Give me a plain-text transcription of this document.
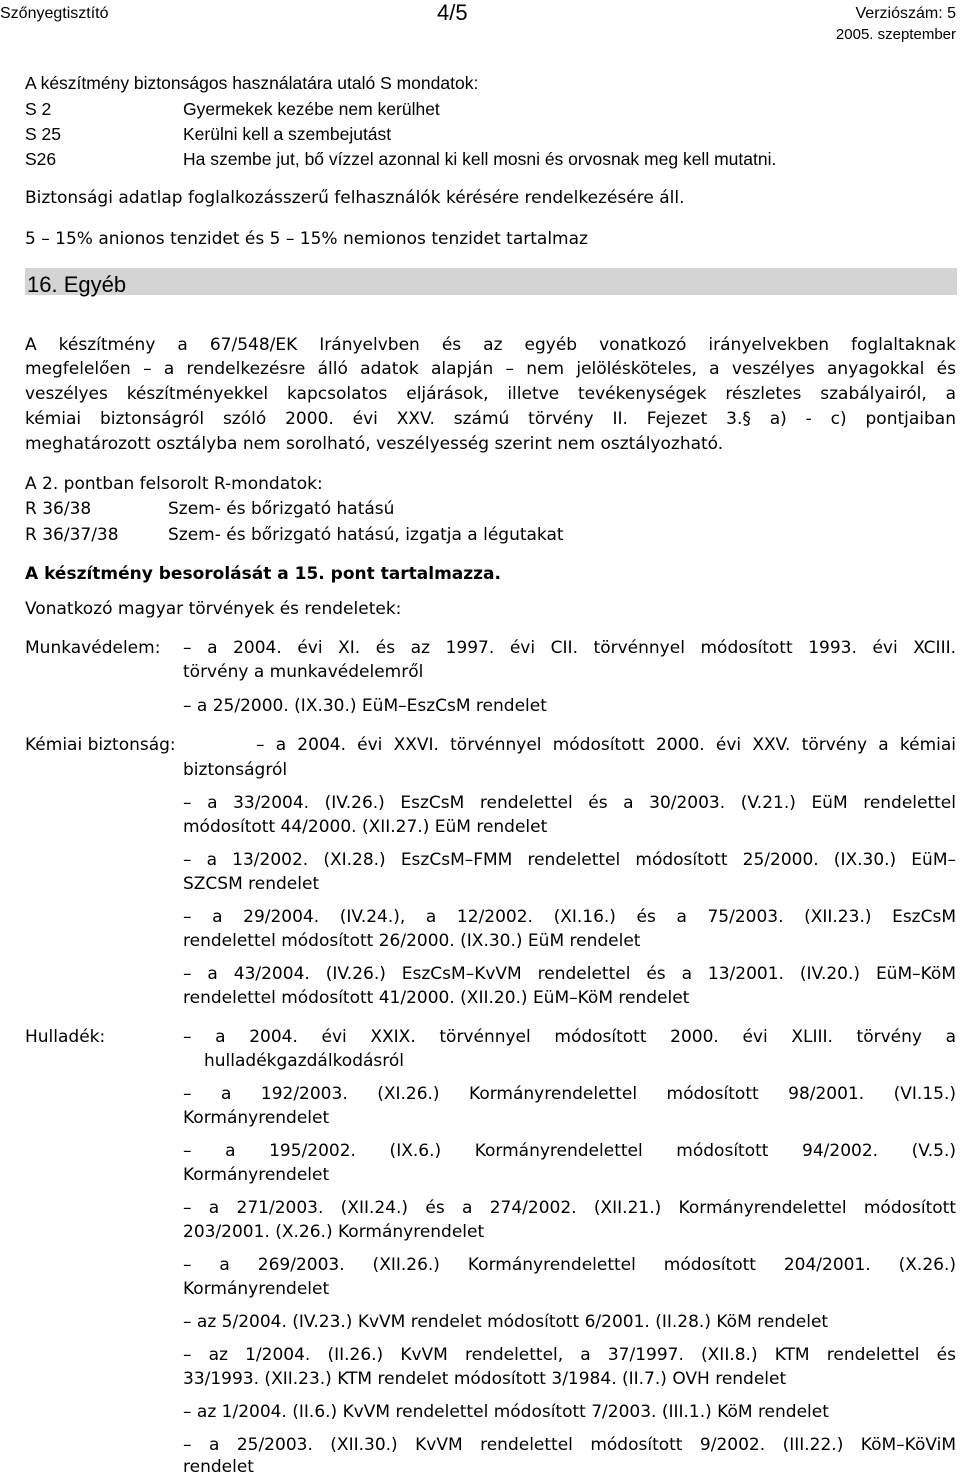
Szőnyegtisztító	4/5	Verziószám: 5
2005. szeptember
A készítmény biztonságos használatára utaló S mondatok:
S 2	Gyermekek kezébe nem kerülhet
S 25	Kerülni kell a szembejutást
S26	Ha szembe jut, bő vízzel azonnal ki kell mosni és orvosnak meg kell mutatni.
Biztonsági adatlap foglalkozásszerű felhasználók kérésére rendelkezésére áll.
5 – 15% anionos tenzidet és 5 – 15% nemionos tenzidet tartalmaz
16. Egyéb
A készítmény a 67/548/EK Irányelvben és az egyéb vonatkozó irányelvekben foglaltaknak
megfelelően – a rendelkezésre álló adatok alapján – nem jelölésköteles, a veszélyes anyagokkal és
veszélyes készítményekkel kapcsolatos eljárások, illetve tevékenységek részletes szabályairól, a
kémiai biztonságról szóló 2000. évi XXV. számú törvény II. Fejezet 3.§ a) - c) pontjaiban
meghatározott osztályba nem sorolható, veszélyesség szerint nem osztályozható.
A 2. pontban felsorolt R-mondatok:
R 36/38	Szem- és bőrizgató hatású
R 36/37/38	Szem- és bőrizgató hatású, izgatja a légutakat
A készítmény besorolását a 15. pont tartalmazza.
Vonatkozó magyar törvények és rendeletek:
Munkavédelem: – a 2004. évi XI. és az 1997. évi CII. törvénnyel módosított 1993. évi XCIII.
törvény a munkavédelemről
– a 25/2000. (IX.30.) EüM–EszCsM rendelet
Kémiai biztonság:	– a 2004. évi XXVI. törvénnyel módosított 2000. évi XXV. törvény a kémiai
biztonságról
– a 33/2004. (IV.26.) EszCsM rendelettel és a 30/2003. (V.21.) EüM rendelettel
módosított 44/2000. (XII.27.) EüM rendelet
– a 13/2002. (XI.28.) EszCsM–FMM rendelettel módosított 25/2000. (IX.30.) EüM–
SZCSM rendelet
– a 29/2004. (IV.24.), a 12/2002. (XI.16.) és a 75/2003. (XII.23.) EszCsM
rendelettel módosított 26/2000. (IX.30.) EüM rendelet
– a 43/2004. (IV.26.) EszCsM–KvVM rendelettel és a 13/2001. (IV.20.) EüM–KöM
rendelettel módosított 41/2000. (XII.20.) EüM–KöM rendelet
Hulladék:	– a 2004. évi XXIX. törvénnyel módosított 2000. évi XLIII. törvény a
hulladékgazdálkodásról
– a 192/2003. (XI.26.) Kormányrendelettel módosított 98/2001. (VI.15.)
Kormányrendelet
– a 195/2002. (IX.6.) Kormányrendelettel módosított 94/2002. (V.5.)
Kormányrendelet
– a 271/2003. (XII.24.) és a 274/2002. (XII.21.) Kormányrendelettel módosított
203/2001. (X.26.) Kormányrendelet
– a 269/2003. (XII.26.) Kormányrendelettel módosított 204/2001. (X.26.)
Kormányrendelet
– az 5/2004. (IV.23.) KvVM rendelet módosított 6/2001. (II.28.) KöM rendelet
– az 1/2004. (II.26.) KvVM rendelettel, a 37/1997. (XII.8.) KTM rendelettel és
33/1993. (XII.23.) KTM rendelet módosított 3/1984. (II.7.) OVH rendelet
– az 1/2004. (II.6.) KvVM rendelettel módosított 7/2003. (III.1.) KöM rendelet
– a 25/2003. (XII.30.) KvVM rendelettel módosított 9/2002. (III.22.) KöM–KöViM
rendelet
